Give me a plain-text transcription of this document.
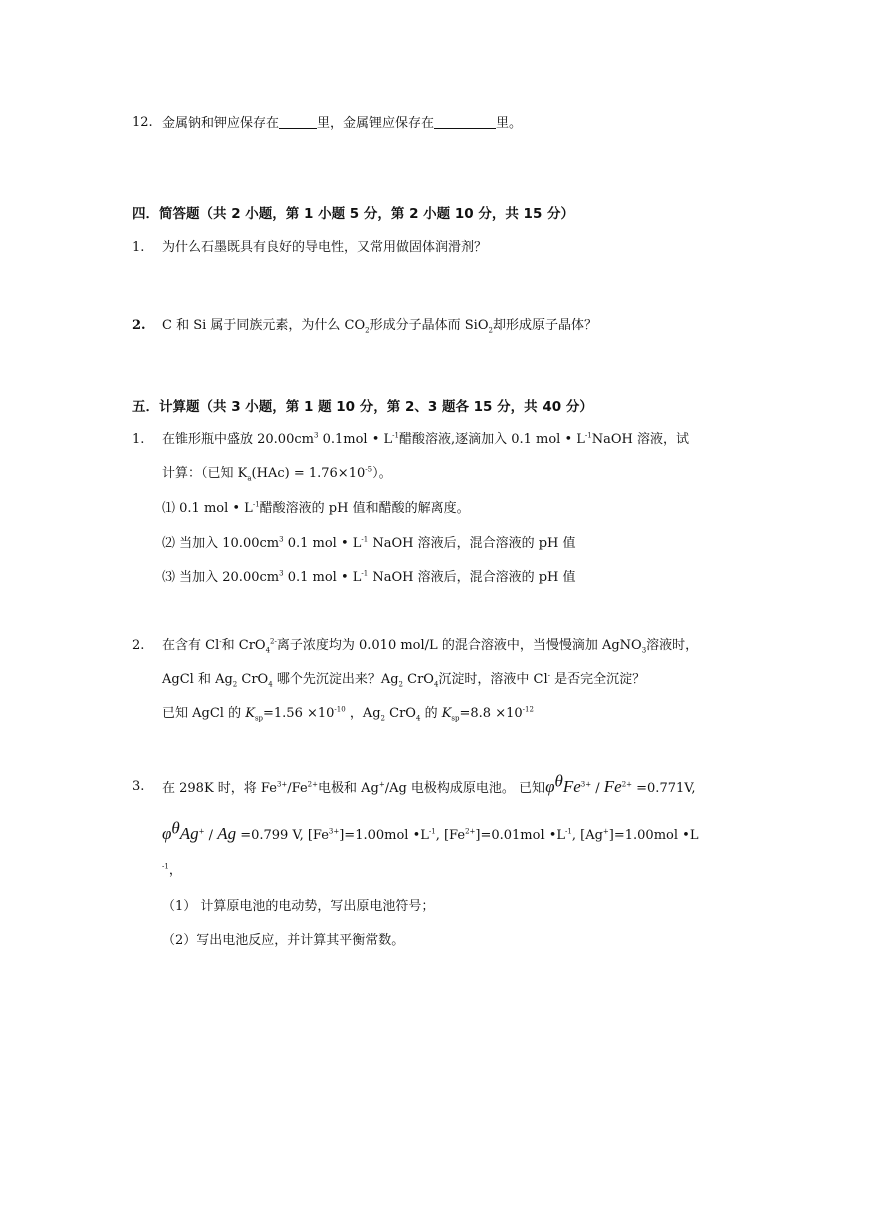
12. 金属钠和钾应保存在	里，金属锂应保存在	里。
四．简答题（共 2 小题，第 1 小题 5 分，第 2 小题 10 分，共 15 分）
1. 为什么石墨既具有良好的导电性，又常用做固体润滑剂？
2. C 和 Si 属于同族元素，为什么 $CO_2$形成分子晶体而 SiO$_2$却形成原子晶体？
五．计算题（共 3 小题，第 1 题 10 分，第 2、3 题各 15 分，共 40 分）
1. 在锥形瓶中盛放 $20.00cm^3$ 0.1mol • $L^{-1}$醋酸溶液,逐滴加入 0.1 mol • $L^{-1}NaOH$ 溶液，试
计算：（已知 $K_a(HAc) = 1.76\times 10^{-5}$）。
⑴ 0.1 mol • $L^{-1}$醋酸溶液的 pH 值和醋酸的解离度。
⑵ 当加入 $10.00cm^3$ 0.1 mol • $L^{-1}$ NaOH 溶液后，混合溶液的 pH 值
⑶ 当加入 $20.00cm^3$ 0.1 mol • $L^{-1}$ NaOH 溶液后，混合溶液的 pH 值
2. 在含有 Cl-和 CrO$_4^{2-}$离子浓度均为 0.010 mol/L 的混合溶液中，当慢慢滴加 AgNO$_3$溶液时，
AgCl 和 $Ag_2$ CrO$_4$ 哪个先沉淀出来？$Ag_2$ CrO$_4$沉淀时，溶液中 Cl- 是否完全沉淀？
已知 AgCl 的 $K_{sp}=1.56 \times 10^{-10}$ ，$Ag_2$ CrO$_4$ 的 $K_{sp}=8.8 \times 10^{-12}$
3. 在 298K 时，将 $Fe^{3+}/Fe^{2+}$电极和 Ag+/Ag 电极构成原电池。 已知$\varphi^\theta Fe^{3+} / Fe^{2+} =0.771V$,
$\varphi^\theta Ag^+ / Ag =0.799$ V, $[Fe^{3+}]=1.00mol$ $•L^{-1}$, $[Fe^{2+}]=0.01mol$ $•L^{-1}$, [Ag+]=1.00mol •L
$^{-1}$，
（1） 计算原电池的电动势，写出原电池符号；
（2）写出电池反应，并计算其平衡常数。
